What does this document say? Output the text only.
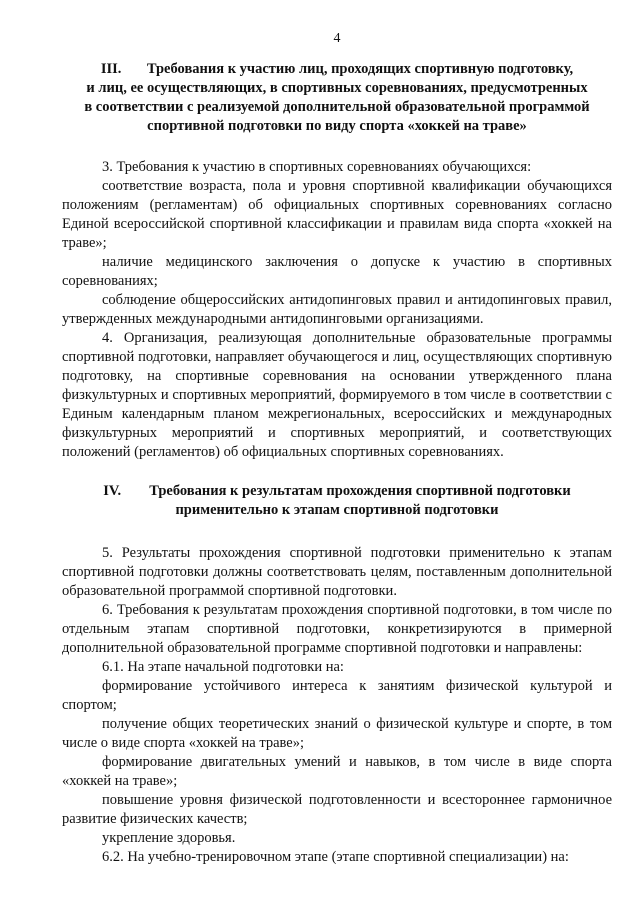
4
III. Требования к участию лиц, проходящих спортивную подготовку,
и лиц, ее осуществляющих, в спортивных соревнованиях, предусмотренных
в соответствии с реализуемой дополнительной образовательной программой
спортивной подготовки по виду спорта «хоккей на траве»

3. Требования к участию в спортивных соревнованиях обучающихся:

соответствие возраста, пола и уровня спортивной квалификации обучающихся положениям (регламентам) об официальных спортивных соревнованиях согласно Единой всероссийской спортивной классификации и правилам вида спорта «хоккей на траве»;

наличие медицинского заключения о допуске к участию в спортивных соревнованиях;

соблюдение общероссийских антидопинговых правил и антидопинговых правил, утвержденных международными антидопинговыми организациями.

4. Организация, реализующая дополнительные образовательные программы спортивной подготовки, направляет обучающегося и лиц, осуществляющих спортивную подготовку, на спортивные соревнования на основании утвержденного плана физкультурных и спортивных мероприятий, формируемого в том числе в соответствии с Единым календарным планом межрегиональных, всероссийских и международных физкультурных мероприятий и спортивных мероприятий, и соответствующих положений (регламентов) об официальных спортивных соревнованиях.

IV. Требования к результатам прохождения спортивной подготовки
применительно к этапам спортивной подготовки

5. Результаты прохождения спортивной подготовки применительно к этапам спортивной подготовки должны соответствовать целям, поставленным дополнительной образовательной программой спортивной подготовки.

6. Требования к результатам прохождения спортивной подготовки, в том числе по отдельным этапам спортивной подготовки, конкретизируются в примерной дополнительной образовательной программе спортивной подготовки и направлены:

6.1. На этапе начальной подготовки на:

формирование устойчивого интереса к занятиям физической культурой и спортом;

получение общих теоретических знаний о физической культуре и спорте, в том числе о виде спорта «хоккей на траве»;

формирование двигательных умений и навыков, в том числе в виде спорта «хоккей на траве»;

повышение уровня физической подготовленности и всестороннее гармоничное развитие физических качеств;

укрепление здоровья.

6.2. На учебно-тренировочном этапе (этапе спортивной специализации) на:
